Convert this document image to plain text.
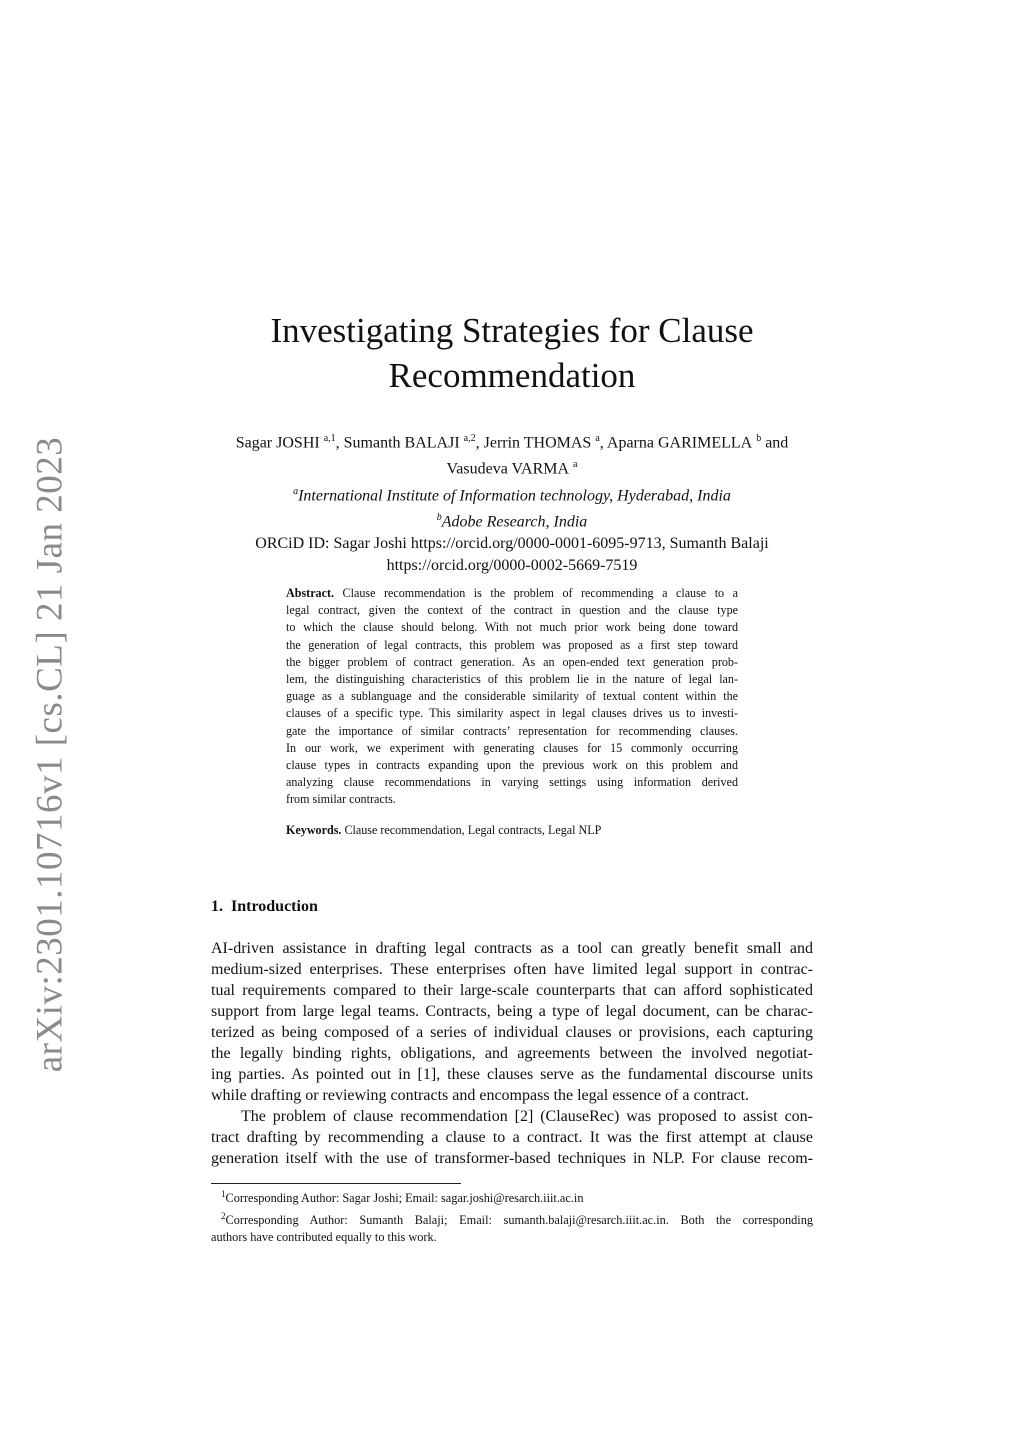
arXiv:2301.10716v1 [cs.CL] 21 Jan 2023
Investigating Strategies for Clause
Recommendation
Sagar JOSHI $^{a,1}$, Sumanth BALAJI $^{a,2}$, Jerrin THOMAS $^a$, Aparna GARIMELLA $^b$ and
Vasudeva VARMA $^a$
$^a$International Institute of Information technology, Hyderabad, India
$^b$Adobe Research, India
ORCiD ID: Sagar Joshi https://orcid.org/0000-0001-6095-9713, Sumanth Balaji
https://orcid.org/0000-0002-5669-7519
Abstract. Clause recommendation is the problem of recommending a clause to a
legal contract, given the context of the contract in question and the clause type
to which the clause should belong. With not much prior work being done toward
the generation of legal contracts, this problem was proposed as a first step toward
the bigger problem of contract generation. As an open-ended text generation prob-
lem, the distinguishing characteristics of this problem lie in the nature of legal lan-
guage as a sublanguage and the considerable similarity of textual content within the
clauses of a specific type. This similarity aspect in legal clauses drives us to investi-
gate the importance of similar contracts’ representation for recommending clauses.
In our work, we experiment with generating clauses for 15 commonly occurring
clause types in contracts expanding upon the previous work on this problem and
analyzing clause recommendations in varying settings using information derived
from similar contracts.
Keywords. Clause recommendation, Legal contracts, Legal NLP
1. Introduction
AI-driven assistance in drafting legal contracts as a tool can greatly benefit small and
medium-sized enterprises. These enterprises often have limited legal support in contrac-
tual requirements compared to their large-scale counterparts that can afford sophisticated
support from large legal teams. Contracts, being a type of legal document, can be charac-
terized as being composed of a series of individual clauses or provisions, each capturing
the legally binding rights, obligations, and agreements between the involved negotiat-
ing parties. As pointed out in [1], these clauses serve as the fundamental discourse units
while drafting or reviewing contracts and encompass the legal essence of a contract.
The problem of clause recommendation [2] (ClauseRec) was proposed to assist con-
tract drafting by recommending a clause to a contract. It was the first attempt at clause
generation itself with the use of transformer-based techniques in NLP. For clause recom-
$^1$Corresponding Author: Sagar Joshi; Email: sagar.joshi@resarch.iiit.ac.in
$^2$Corresponding Author: Sumanth Balaji; Email: sumanth.balaji@resarch.iiit.ac.in. Both the corresponding
authors have contributed equally to this work.
